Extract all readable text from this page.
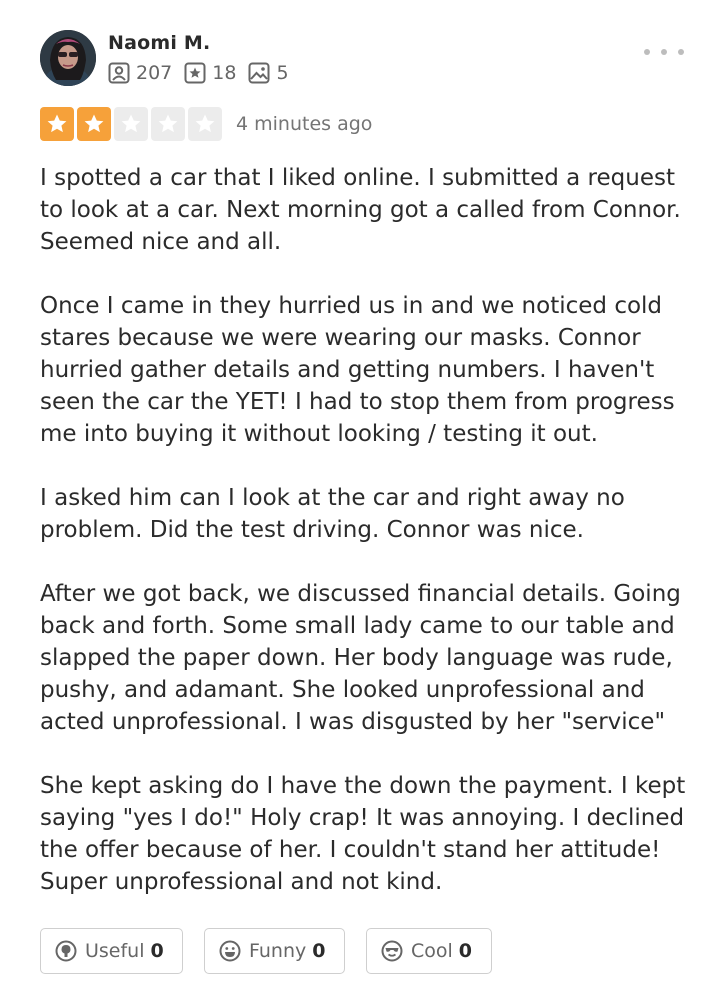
Naomi M.
207 18 5
4 minutes ago

I spotted a car that I liked online. I submitted a request to look at a car. Next morning got a called from Connor. Seemed nice and all.

Once I came in they hurried us in and we noticed cold stares because we were wearing our masks. Connor hurried gather details and getting numbers. I haven't seen the car the YET! I had to stop them from progress me into buying it without looking / testing it out.

I asked him can I look at the car and right away no problem. Did the test driving. Connor was nice.

After we got back, we discussed financial details. Going back and forth. Some small lady came to our table and slapped the paper down. Her body language was rude, pushy, and adamant. She looked unprofessional and acted unprofessional. I was disgusted by her "service"

She kept asking do I have the down the payment. I kept saying "yes I do!" Holy crap! It was annoying. I declined the offer because of her. I couldn't stand her attitude! Super unprofessional and not kind.

Useful 0	Funny 0	Cool 0
